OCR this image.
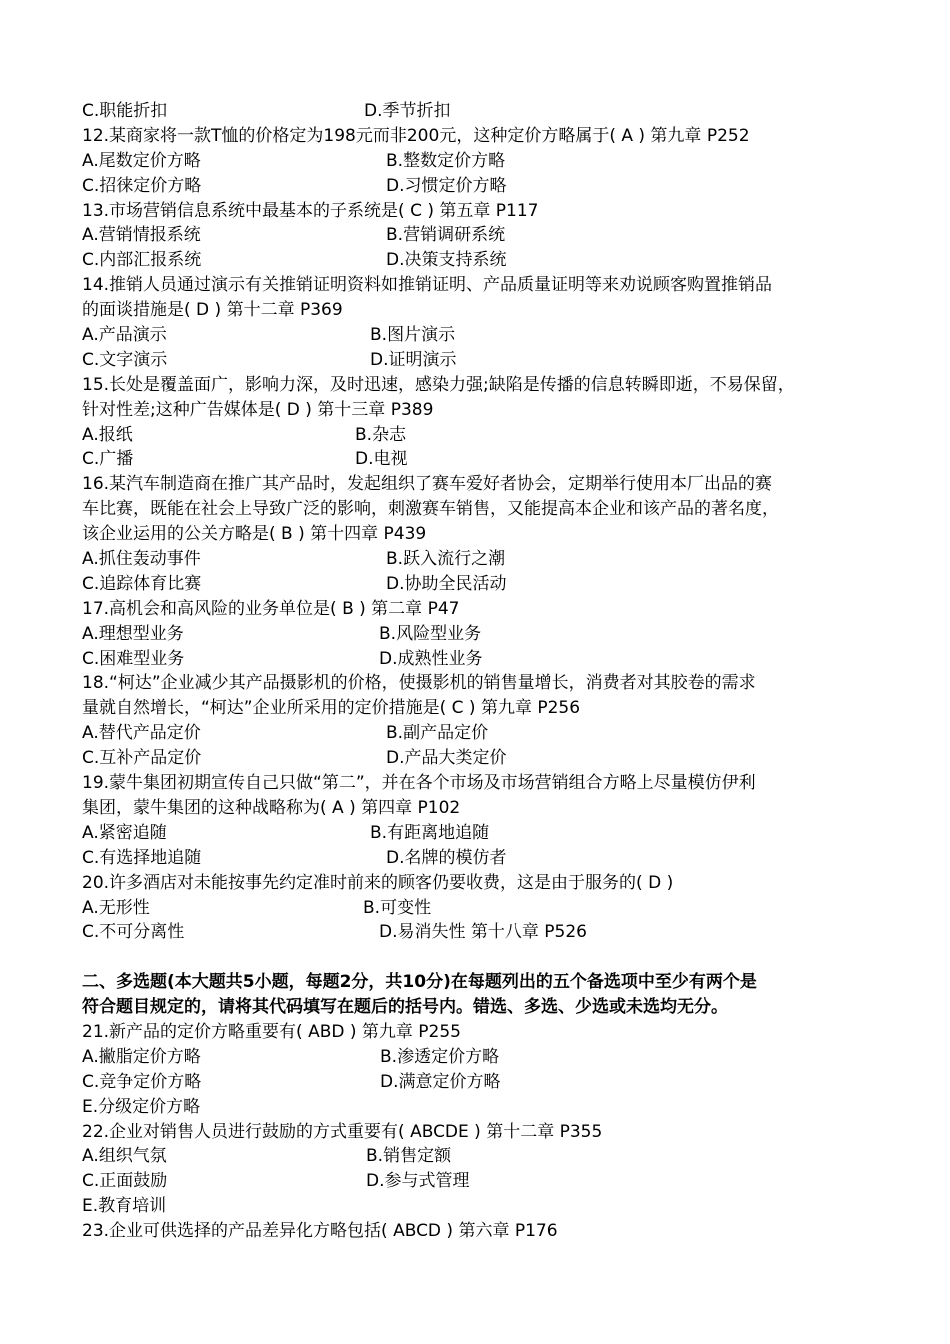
C.职能折扣	D.季节折扣
12.某商家将一款T恤的价格定为198元而非200元，这种定价方略属于( A ) 第九章 P252
A.尾数定价方略	B.整数定价方略
C.招徕定价方略	D.习惯定价方略
13.市场营销信息系统中最基本的子系统是( C ) 第五章 P117
A.营销情报系统	B.营销调研系统
C.内部汇报系统	D.决策支持系统
14.推销人员通过演示有关推销证明资料如推销证明、产品质量证明等来劝说顾客购置推销品
的面谈措施是( D ) 第十二章 P369
A.产品演示	B.图片演示
C.文字演示	D.证明演示
15.长处是覆盖面广，影响力深，及时迅速，感染力强;缺陷是传播的信息转瞬即逝，不易保留，
针对性差;这种广告媒体是( D ) 第十三章 P389
A.报纸	B.杂志
C.广播	D.电视
16.某汽车制造商在推广其产品时，发起组织了赛车爱好者协会，定期举行使用本厂出品的赛
车比赛，既能在社会上导致广泛的影响，刺激赛车销售，又能提高本企业和该产品的著名度，
该企业运用的公关方略是( B ) 第十四章 P439
A.抓住轰动事件	B.跃入流行之潮
C.追踪体育比赛	D.协助全民活动
17.高机会和高风险的业务单位是( B ) 第二章 P47
A.理想型业务	B.风险型业务
C.困难型业务	D.成熟性业务
18.“柯达”企业减少其产品摄影机的价格，使摄影机的销售量增长，消费者对其胶卷的需求
量就自然增长，“柯达”企业所采用的定价措施是( C ) 第九章 P256
A.替代产品定价	B.副产品定价
C.互补产品定价	D.产品大类定价
19.蒙牛集团初期宣传自己只做“第二”，并在各个市场及市场营销组合方略上尽量模仿伊利
集团，蒙牛集团的这种战略称为( A ) 第四章 P102
A.紧密追随	B.有距离地追随
C.有选择地追随	D.名牌的模仿者
20.许多酒店对未能按事先约定准时前来的顾客仍要收费，这是由于服务的( D )
A.无形性	B.可变性
C.不可分离性	D.易消失性 第十八章 P526
二、多选题(本大题共5小题，每题2分，共10分)在每题列出的五个备选项中至少有两个是
符合题目规定的，请将其代码填写在题后的括号内。错选、多选、少选或未选均无分。
21.新产品的定价方略重要有( ABD ) 第九章 P255
A.撇脂定价方略	B.渗透定价方略
C.竞争定价方略	D.满意定价方略
E.分级定价方略
22.企业对销售人员进行鼓励的方式重要有( ABCDE ) 第十二章 P355
A.组织气氛	B.销售定额
C.正面鼓励	D.参与式管理
E.教育培训
23.企业可供选择的产品差异化方略包括( ABCD ) 第六章 P176
